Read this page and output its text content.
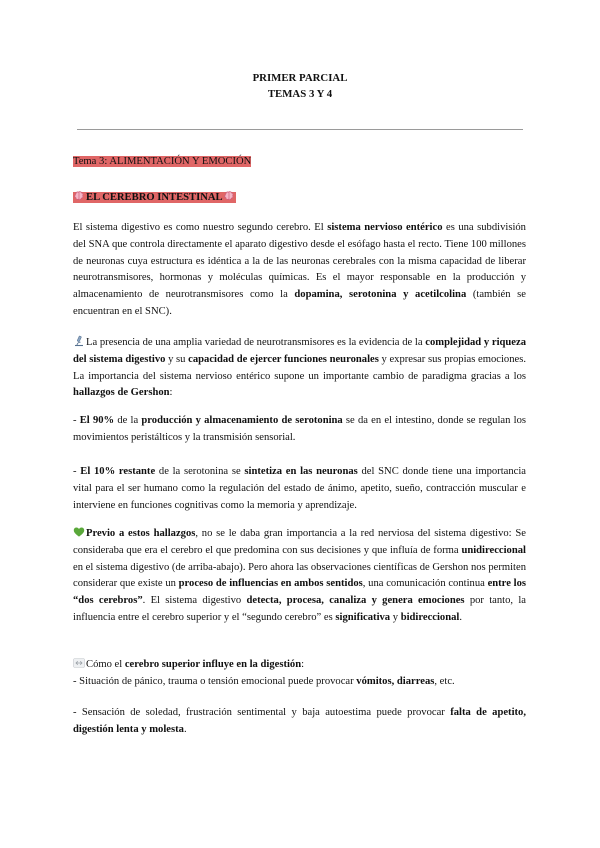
PRIMER PARCIAL
TEMAS 3 Y 4
Tema 3: ALIMENTACIÓN Y EMOCIÓN
EL CEREBRO INTESTINAL

El sistema digestivo es como nuestro segundo cerebro. El sistema nervioso entérico es una subdivisión del SNA que controla directamente el aparato digestivo desde el esófago hasta el recto. Tiene 100 millones de neuronas cuya estructura es idéntica a la de las neuronas cerebrales con la misma capacidad de liberar neurotransmisores, hormonas y moléculas químicas. Es el mayor responsable en la producción y almacenamiento de neurotransmisores como la dopamina, serotonina y acetilcolina (también se encuentran en el SNC).

La presencia de una amplia variedad de neurotransmisores es la evidencia de la complejidad y riqueza del sistema digestivo y su capacidad de ejercer funciones neuronales y expresar sus propias emociones. La importancia del sistema nervioso entérico supone un importante cambio de paradigma gracias a los hallazgos de Gershon:

- El 90% de la producción y almacenamiento de serotonina se da en el intestino, donde se regulan los movimientos peristálticos y la transmisión sensorial.

- El 10% restante de la serotonina se sintetiza en las neuronas del SNC donde tiene una importancia vital para el ser humano como la regulación del estado de ánimo, apetito, sueño, contracción muscular e interviene en funciones cognitivas como la memoria y aprendizaje.

Previo a estos hallazgos, no se le daba gran importancia a la red nerviosa del sistema digestivo: Se consideraba que era el cerebro el que predomina con sus decisiones y que influía de forma unidireccional en el sistema digestivo (de arriba-abajo). Pero ahora las observaciones científicas de Gershon nos permiten considerar que existe un proceso de influencias en ambos sentidos, una comunicación continua entre los “dos cerebros”. El sistema digestivo detecta, procesa, canaliza y genera emociones por tanto, la influencia entre el cerebro superior y el “segundo cerebro” es significativa y bidireccional.

Cómo el cerebro superior influye en la digestión:

- Situación de pánico, trauma o tensión emocional puede provocar vómitos, diarreas, etc.

- Sensación de soledad, frustración sentimental y baja autoestima puede provocar falta de apetito, digestión lenta y molesta.
